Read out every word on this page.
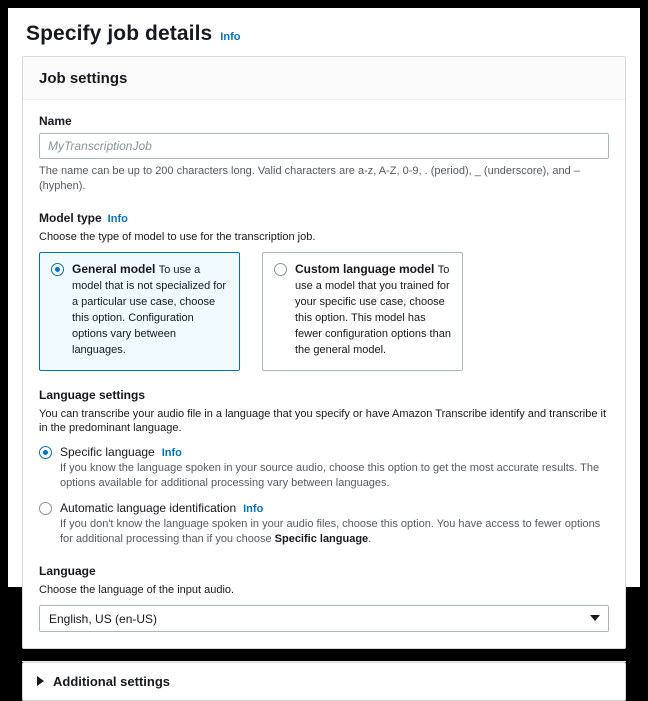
Specify job details Info
Job settings
Name
MyTranscriptionJob
The name can be up to 200 characters long. Valid characters are a-z, A-Z, 0-9, . (period), _ (underscore), and – (hyphen).
Model type Info
Choose the type of model to use for the transcription job.
General model To use a model that is not specialized for a particular use case, choose this option. Configuration options vary between languages.
Custom language model To use a model that you trained for your specific use case, choose this option. This model has fewer configuration options than the general model.
Language settings
You can transcribe your audio file in a language that you specify or have Amazon Transcribe identify and transcribe it in the predominant language.
Specific language Info
If you know the language spoken in your source audio, choose this option to get the most accurate results. The options available for additional processing vary between languages.
Automatic language identification Info
If you don't know the language spoken in your audio files, choose this option. You have access to fewer options for additional processing than if you choose Specific language.
Language
Choose the language of the input audio.
English, US (en-US)
Additional settings
